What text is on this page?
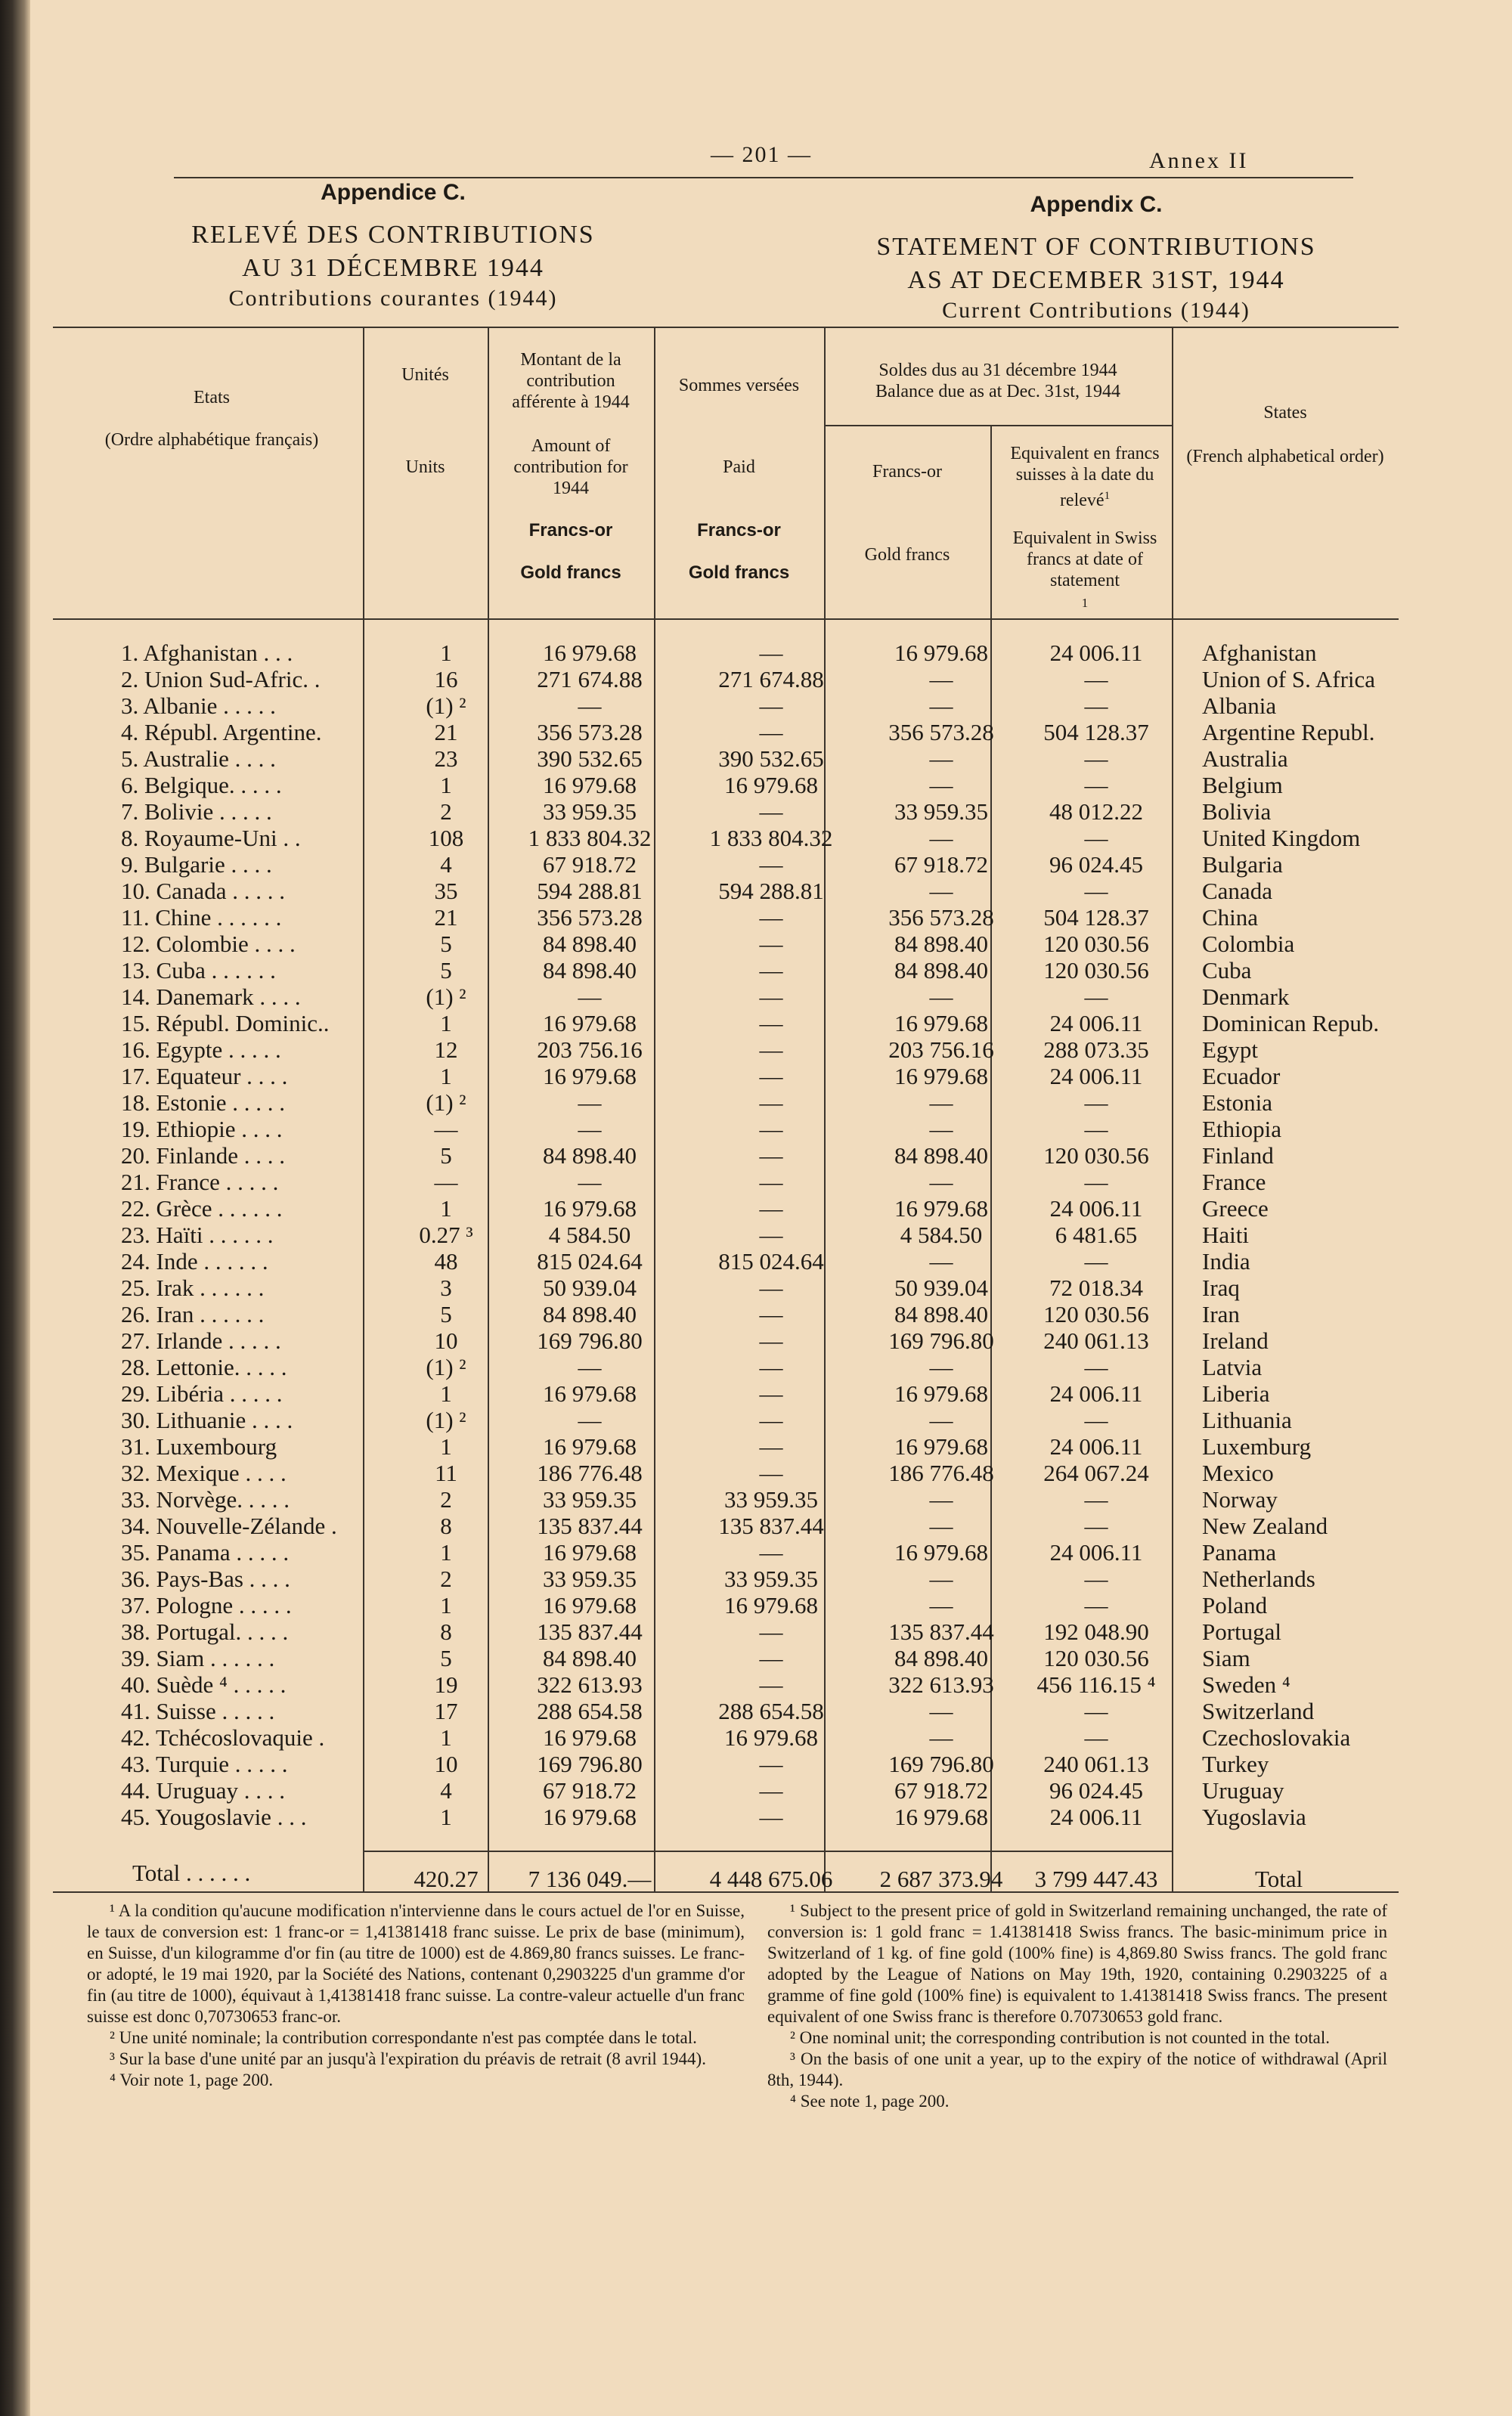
— 201 —	Annex II
Appendice C.
RELEVÉ DES CONTRIBUTIONS
AU 31 DÉCEMBRE 1944
Contributions courantes (1944)
Appendix C.
STATEMENT OF CONTRIBUTIONS
AS AT DECEMBER 31ST, 1944
Current Contributions (1944)
Etats
(Ordre alphabétique français)
Unités
Units
Montant de la contribution afférente à 1944
Amount of contribution for 1944
Francs-or
Gold francs
Sommes versées
Paid
Francs-or
Gold francs
Soldes dus au 31 décembre 1944
Balance due as at Dec. 31st, 1944
Francs-or
Gold francs
Equivalent en francs suisses à la date du relevé$^1$
Equivalent in Swiss francs at date of statement
1
States
(French alphabetical order)
1. Afghanistan . . .	1	16 979.68	—	16 979.68	24 006.11	Afghanistan
2. Union Sud-Afric. .	16	271 674.88	271 674.88	—	—	Union of S. Africa
3. Albanie . . . . .	(1) ²	—	—	—	—	Albania
4. Républ. Argentine.	21	356 573.28	—	356 573.28	504 128.37	Argentine Republ.
5. Australie . . . .	23	390 532.65	390 532.65	—	—	Australia
6. Belgique. . . . .	1	16 979.68	16 979.68	—	—	Belgium
7. Bolivie . . . . .	2	33 959.35	—	33 959.35	48 012.22	Bolivia
8. Royaume-Uni . .	108	1 833 804.32	1 833 804.32	—	—	United Kingdom
9. Bulgarie . . . .	4	67 918.72	—	67 918.72	96 024.45	Bulgaria
10. Canada . . . . .	35	594 288.81	594 288.81	—	—	Canada
11. Chine . . . . . .	21	356 573.28	—	356 573.28	504 128.37	China
12. Colombie . . . .	5	84 898.40	—	84 898.40	120 030.56	Colombia
13. Cuba . . . . . .	5	84 898.40	—	84 898.40	120 030.56	Cuba
14. Danemark . . . .	(1) ²	—	—	—	—	Denmark
15. Républ. Dominic..	1	16 979.68	—	16 979.68	24 006.11	Dominican Repub.
16. Egypte . . . . .	12	203 756.16	—	203 756.16	288 073.35	Egypt
17. Equateur . . . .	1	16 979.68	—	16 979.68	24 006.11	Ecuador
18. Estonie . . . . .	(1) ²	—	—	—	—	Estonia
19. Ethiopie . . . .	—	—	—	—	—	Ethiopia
20. Finlande . . . .	5	84 898.40	—	84 898.40	120 030.56	Finland
21. France . . . . .	—	—	—	—	—	France
22. Grèce . . . . . .	1	16 979.68	—	16 979.68	24 006.11	Greece
23. Haïti . . . . . .	0.27 ³	4 584.50	—	4 584.50	6 481.65	Haiti
24. Inde . . . . . .	48	815 024.64	815 024.64	—	—	India
25. Irak . . . . . .	3	50 939.04	—	50 939.04	72 018.34	Iraq
26. Iran . . . . . .	5	84 898.40	—	84 898.40	120 030.56	Iran
27. Irlande . . . . .	10	169 796.80	—	169 796.80	240 061.13	Ireland
28. Lettonie. . . . .	(1) ²	—	—	—	—	Latvia
29. Libéria . . . . .	1	16 979.68	—	16 979.68	24 006.11	Liberia
30. Lithuanie . . . .	(1) ²	—	—	—	—	Lithuania
31. Luxembourg	1	16 979.68	—	16 979.68	24 006.11	Luxemburg
32. Mexique . . . .	11	186 776.48	—	186 776.48	264 067.24	Mexico
33. Norvège. . . . .	2	33 959.35	33 959.35	—	—	Norway
34. Nouvelle-Zélande .	8	135 837.44	135 837.44	—	—	New Zealand
35. Panama . . . . .	1	16 979.68	—	16 979.68	24 006.11	Panama
36. Pays-Bas . . . .	2	33 959.35	33 959.35	—	—	Netherlands
37. Pologne . . . . .	1	16 979.68	16 979.68	—	—	Poland
38. Portugal. . . . .	8	135 837.44	—	135 837.44	192 048.90	Portugal
39. Siam . . . . . .	5	84 898.40	—	84 898.40	120 030.56	Siam
40. Suède ⁴ . . . . .	19	322 613.93	—	322 613.93	456 116.15 ⁴	Sweden ⁴
41. Suisse . . . . .	17	288 654.58	288 654.58	—	—	Switzerland
42. Tchécoslovaquie .	1	16 979.68	16 979.68	—	—	Czechoslovakia
43. Turquie . . . . .	10	169 796.80	—	169 796.80	240 061.13	Turkey
44. Uruguay . . . .	4	67 918.72	—	67 918.72	96 024.45	Uruguay
45. Yougoslavie . . .	1	16 979.68	—	16 979.68	24 006.11	Yugoslavia
Total . . . . . .	420.27	7 136 049.—	4 448 675.06	2 687 373.94	3 799 447.43	Total

¹ A la condition qu'aucune modification n'intervienne dans le cours actuel de l'or en Suisse, le taux de conversion est: 1 franc-or = 1,41381418 franc suisse. Le prix de base (minimum), en Suisse, d'un kilogramme d'or fin (au titre de 1000) est de 4.869,80 francs suisses. Le franc-or adopté, le 19 mai 1920, par la Société des Nations, contenant 0,2903225 d'un gramme d'or fin (au titre de 1000), équivaut à 1,41381418 franc suisse. La contre-valeur actuelle d'un franc suisse est donc 0,70730653 franc-or.

² Une unité nominale; la contribution correspondante n'est pas comptée dans le total.

³ Sur la base d'une unité par an jusqu'à l'expiration du préavis de retrait (8 avril 1944).

⁴ Voir note 1, page 200.

¹ Subject to the present price of gold in Switzerland remaining unchanged, the rate of conversion is: 1 gold franc = 1.41381418 Swiss francs. The basic-minimum price in Switzerland of 1 kg. of fine gold (100% fine) is 4,869.80 Swiss francs. The gold franc adopted by the League of Nations on May 19th, 1920, containing 0.2903225 of a gramme of fine gold (100% fine) is equivalent to 1.41381418 Swiss francs. The present equivalent of one Swiss franc is therefore 0.70730653 gold franc.

² One nominal unit; the corresponding contribution is not counted in the total.

³ On the basis of one unit a year, up to the expiry of the notice of withdrawal (April 8th, 1944).

⁴ See note 1, page 200.
